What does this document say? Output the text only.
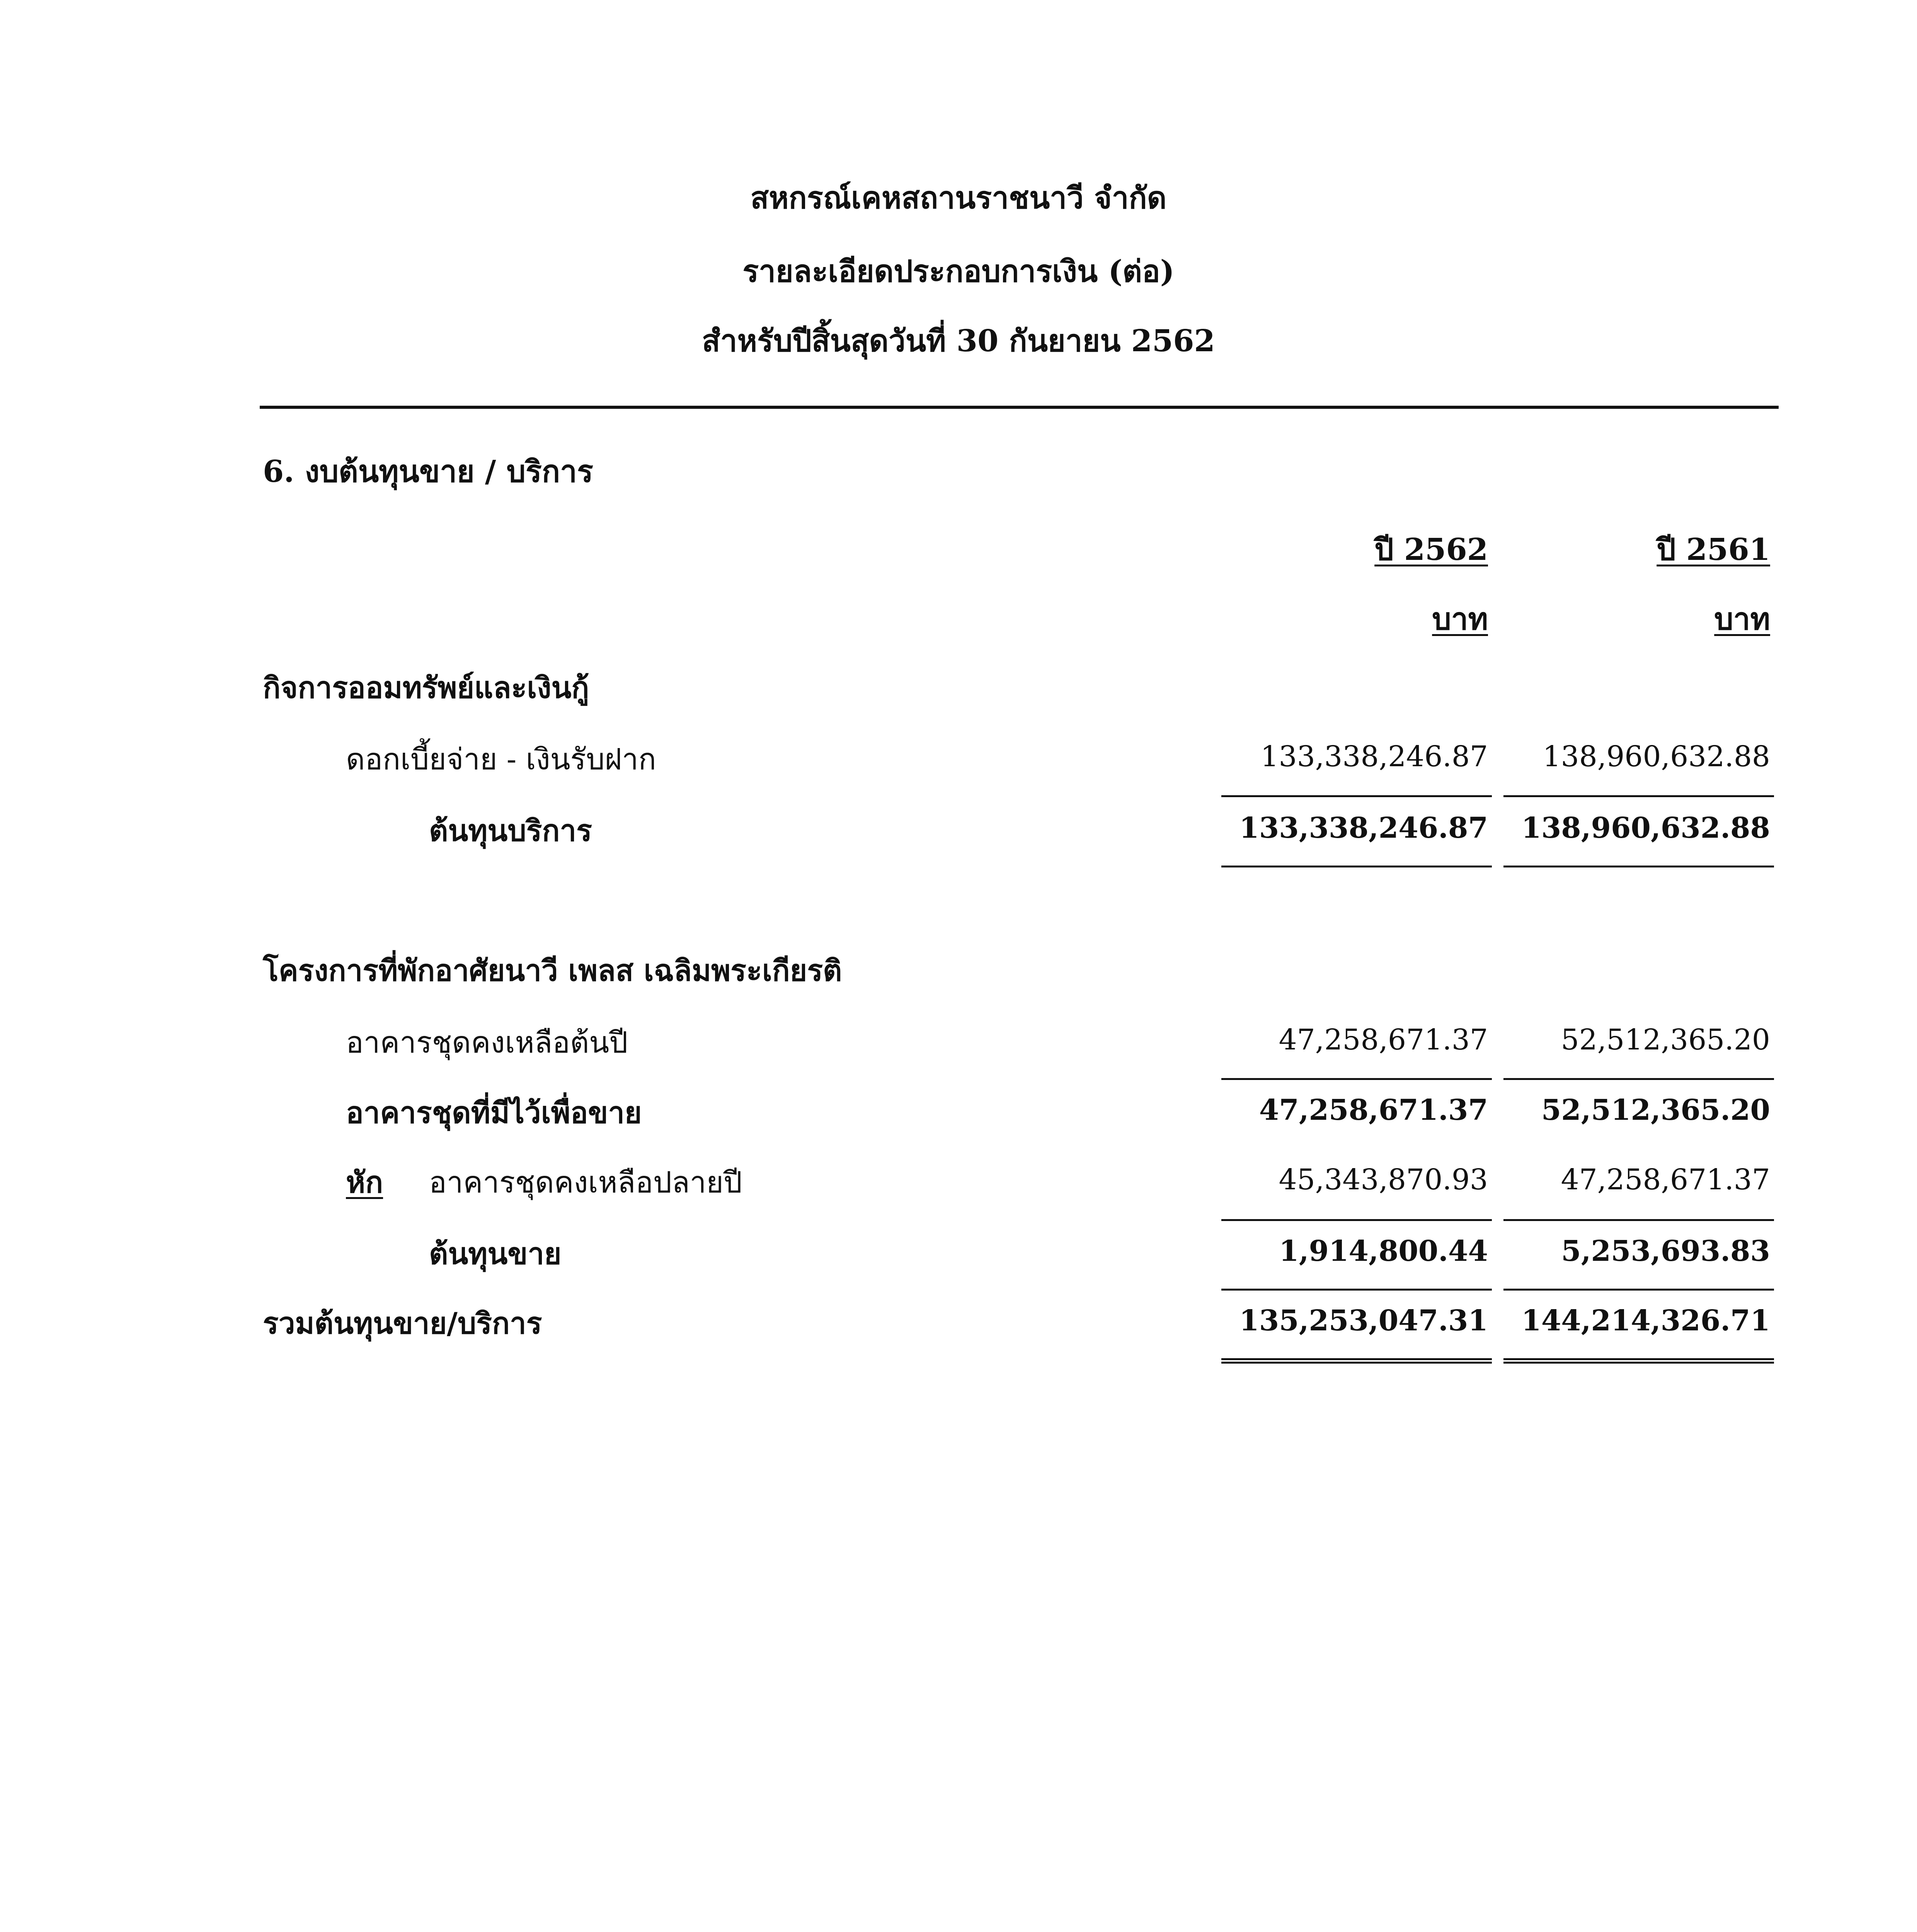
สหกรณ์เคหสถานราชนาวี จำกัด
รายละเอียดประกอบการเงิน (ต่อ)
สำหรับปีสิ้นสุดวันที่ 30 กันยายน 2562
6. งบต้นทุนขาย / บริการ
ปี 2562	ปี 2561
บาท	บาท
กิจการออมทรัพย์และเงินกู้
ดอกเบี้ยจ่าย - เงินรับฝาก	133,338,246.87	138,960,632.88
ต้นทุนบริการ	133,338,246.87	138,960,632.88
โครงการที่พักอาศัยนาวี เพลส เฉลิมพระเกียรติ
อาคารชุดคงเหลือต้นปี	47,258,671.37	52,512,365.20
อาคารชุดที่มีไว้เพื่อขาย	47,258,671.37	52,512,365.20
หัก อาคารชุดคงเหลือปลายปี	45,343,870.93	47,258,671.37
ต้นทุนขาย	1,914,800.44	5,253,693.83
รวมต้นทุนขาย/บริการ	135,253,047.31	144,214,326.71
